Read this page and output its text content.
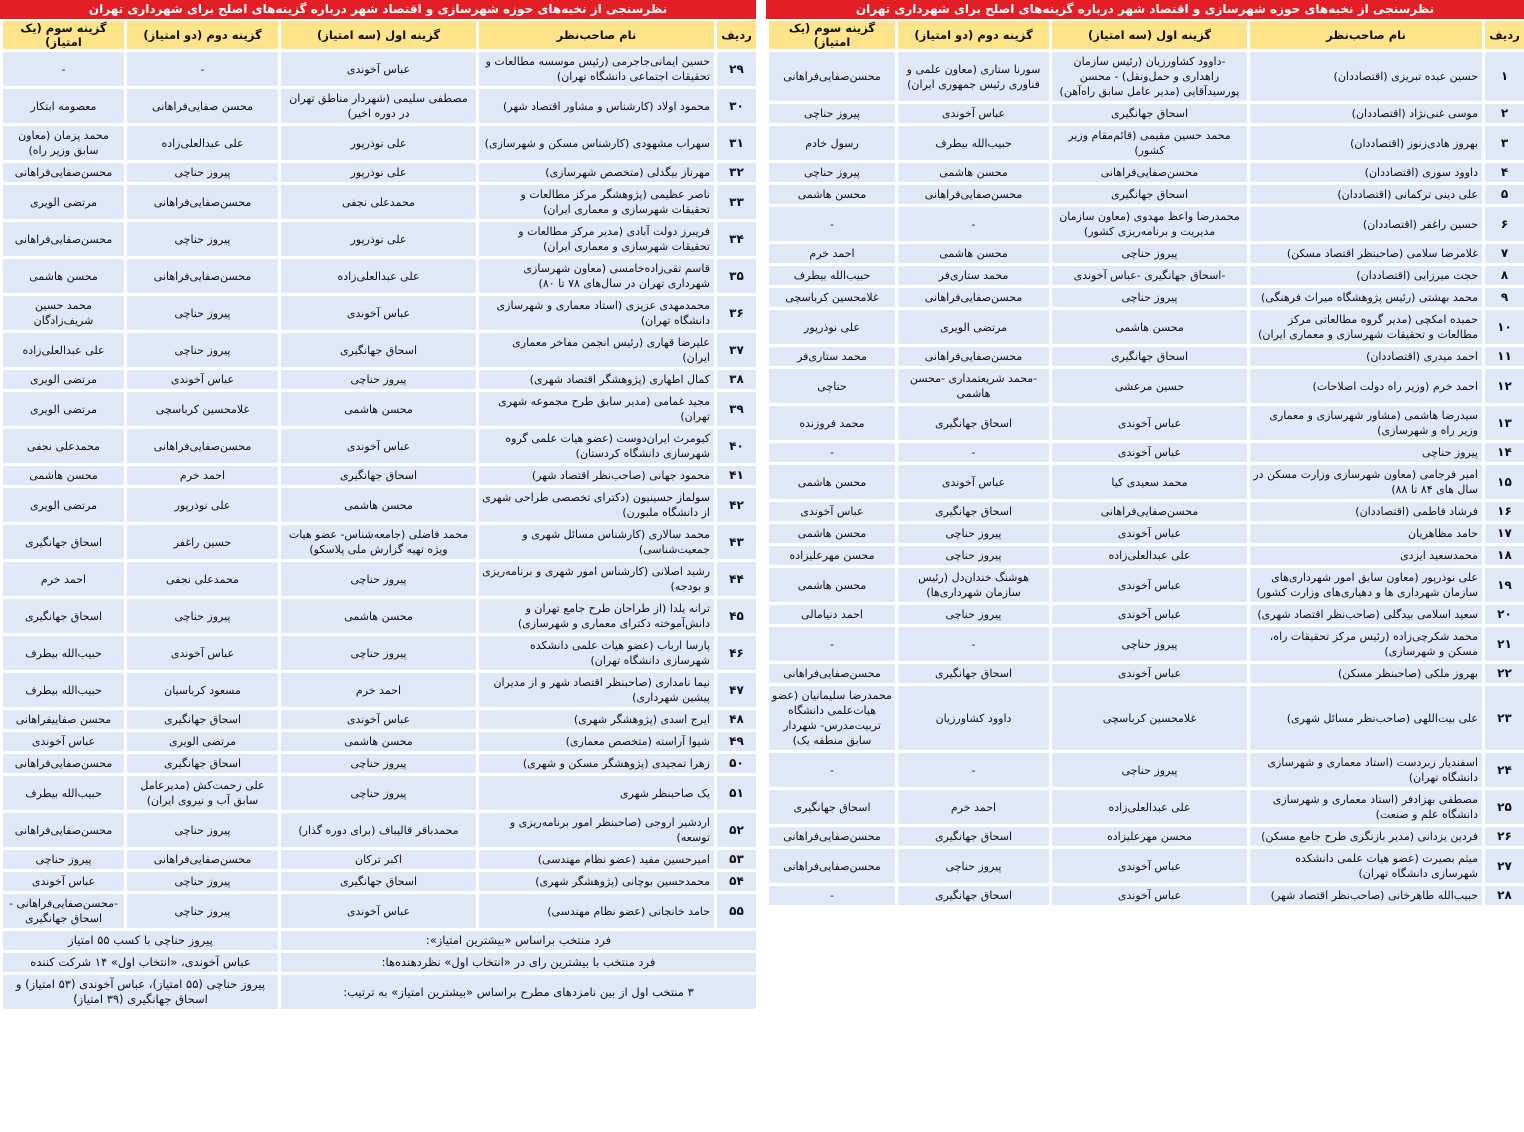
نظرسنجی از نخبه‌های حوزه شهرسازی و اقتصاد شهر درباره گزینه‌های اصلح برای شهرداری تهران
ردیف	نام صاحب‌نظر	گزینه اول (سه امتیاز)	گزینه دوم (دو امتیاز)	گزینه سوم (یک امتیاز)
۱	حسین عبده تبریزی (اقتصاددان)	-داوود کشاورزیان (رئیس سازمان راهداری و حمل‌ونقل) - محسن پورسیدآقایی (مدیر عامل سابق راه‌آهن)	سورنا ستاری (معاون علمی و فناوری رئیس جمهوری ایران)	محسن‌صفایی‌فراهانی
۲	موسی غنی‌نژاد (اقتصاددان)	اسحاق جهانگیری	عباس آخوندی	پیروز حناچی
۳	بهروز هادی‌زنوز (اقتصاددان)	محمد حسین مقیمی (قائم‌مقام وزیر کشور)	حبیب‌الله بیطرف	رسول خادم
۴	داوود سوری (اقتصاددان)	محسن‌صفایی‌فراهانی	محسن هاشمی	پیروز حناچی
۵	علی دینی ترکمانی (اقتصاددان)	اسحاق جهانگیری	محسن‌صفایی‌فراهانی	محسن هاشمی
۶	حسین راغفر (اقتصاددان)	محمدرضا واعظ مهدوی (معاون سازمان مدیریت و برنامه‌ریزی کشور)	-	-
۷	غلامرضا سلامی (صاحبنظر اقتصاد مسکن)	پیروز حناچی	محسن هاشمی	احمد خرم
۸	حجت میرزایی (اقتصاددان)	-اسحاق جهانگیری -عباس آخوندی	محمد ستاری‌فر	حبیب‌الله بیطرف
۹	محمد بهشتی (رئیس پژوهشگاه میراث فرهنگی)	پیروز حناچی	محسن‌صفایی‌فراهانی	غلامحسین کرباسچی
۱۰	حمیده امکچی (مدیر گروه مطالعاتی مرکز مطالعات و تحقیقات شهرسازی و معماری ایران)	محسن هاشمی	مرتضی الویری	علی نوذرپور
۱۱	احمد میدری (اقتصاددان)	اسحاق جهانگیری	محسن‌صفایی‌فراهانی	محمد ستاری‌فر
۱۲	احمد خرم (وزیر راه دولت اصلاحات)	حسین مرعشی	-محمد شریعتمداری -محسن هاشمی	حناچی
۱۳	سیدرضا هاشمی (مشاور شهرسازی و معماری وزیر راه و شهرسازی)	عباس آخوندی	اسحاق جهانگیری	محمد فروزنده
۱۴	پیروز حناچی	عباس آخوندی	-	-
۱۵	امیر فرجامی (معاون شهرسازی وزارت مسکن در سال های ۸۴ تا ۸۸)	محمد سعیدی کیا	عباس آخوندی	محسن هاشمی
۱۶	فرشاد فاطمی (اقتصاددان)	محسن‌صفایی‌فراهانی	اسحاق جهانگیری	عباس آخوندی
۱۷	حامد مظاهریان	عباس آخوندی	پیروز حناچی	محسن هاشمی
۱۸	محمدسعید ایزدی	علی عبدالعلی‌زاده	پیروز حناچی	محسن مهرعلیزاده
۱۹	علی نوذرپور (معاون سابق امور شهرداری‌های سازمان شهرداری ها و دهیاری‌های وزارت کشور)	عباس آخوندی	هوشنگ خندان‌دل (رئیس سازمان شهرداری‌ها)	محسن هاشمی
۲۰	سعید اسلامی بیدگلی (صاحب‌نظر اقتصاد شهری)	عباس آخوندی	پیروز حناچی	احمد دنیامالی
۲۱	محمد شکرچی‌زاده (رئیس مرکز تحقیقات راه، مسکن و شهرسازی)	پیروز حناچی	-	-
۲۲	بهروز ملکی (صاحبنظر مسکن)	عباس آخوندی	اسحاق جهانگیری	محسن‌صفایی‌فراهانی
۲۳	علی بیت‌اللهی (صاحب‌نظر مسائل شهری)	غلامحسین کرباسچی	داوود کشاورزیان	محمدرضا سلیمانیان (عضو هیات‌علمی دانشگاه تربیت‌مدرس- شهردار سابق منطقه یک)
۲۴	اسفندیار زبردست (استاد معماری و شهرسازی دانشگاه تهران)	پیروز حناچی	-	-
۲۵	مصطفی بهزادفر (استاد معماری و شهرسازی دانشگاه علم و صنعت)	علی عبدالعلی‌زاده	احمد خرم	اسحاق جهانگیری
۲۶	فردین یزدانی (مدیر بازنگری طرح جامع مسکن)	محسن مهرعلیزاده	اسحاق جهانگیری	محسن‌صفایی‌فراهانی
۲۷	میثم بصیرت (عضو هیات علمی دانشکده شهرسازی دانشگاه تهران)	عباس آخوندی	پیروز حناچی	محسن‌صفایی‌فراهانی
۲۸	حبیب‌الله طاهرخانی (صاحب‌نظر اقتصاد شهر)	عباس آخوندی	اسحاق جهانگیری	-
نظرسنجی از نخبه‌های حوزه شهرسازی و اقتصاد شهر درباره گزینه‌های اصلح برای شهرداری تهران
ردیف	نام صاحب‌نظر	گزینه اول (سه امتیاز)	گزینه دوم (دو امتیاز)	گزینه سوم (یک امتیاز)
۲۹	حسین ایمانی‌جاجرمی (رئیس موسسه مطالعات و تحقیقات اجتماعی دانشگاه تهران)	عباس آخوندی	-	-
۳۰	محمود اولاد (کارشناس و مشاور اقتصاد شهر)	مصطفی سلیمی (شهردار مناطق تهران در دوره اخیر)	محسن صفایی‌فراهانی	معصومه ابتکار
۳۱	سهراب مشهودی (کارشناس مسکن و شهرسازی)	علی نوذرپور	علی عبدالعلی‌زاده	محمد پزمان (معاون سابق وزیر راه)
۳۲	مهرناز بیگدلی (متخصص شهرسازی)	علی نوذرپور	پیروز حناچی	محسن‌صفایی‌فراهانی
۳۳	ناصر عظیمی (پژوهشگر مرکز مطالعات و تحقیقات شهرسازی و معماری ایران)	محمدعلی نجفی	محسن‌صفایی‌فراهانی	مرتضی الویری
۳۴	فریبرز دولت آبادی (مدیر مرکز مطالعات و تحقیقات شهرسازی و معماری ایران)	علی نوذرپور	پیروز حناچی	محسن‌صفایی‌فراهانی
۳۵	قاسم تقی‌زاده‌خامسی (معاون شهرسازی شهرداری تهران در سال‌های ۷۸ تا ۸۰)	علی عبدالعلی‌زاده	محسن‌صفایی‌فراهانی	محسن هاشمی
۳۶	محمدمهدی عزیزی (استاد معماری و شهرسازی دانشگاه تهران)	عباس آخوندی	پیروز حناچی	محمد حسین شریف‌زادگان
۳۷	علیرضا قهاری (رئیس انجمن مفاخر معماری ایران)	اسحاق جهانگیری	پیروز حناچی	علی عبدالعلی‌زاده
۳۸	کمال اطهاری (پژوهشگر اقتصاد شهری)	پیروز حناچی	عباس آخوندی	مرتضی الویری
۳۹	مجید غمامی (مدیر سابق طرح مجموعه شهری تهران)	محسن هاشمی	غلامحسین کرباسچی	مرتضی الویری
۴۰	کیومرث ایران‌دوست (عضو هیات علمی گروه شهرسازی دانشگاه کردستان)	عباس آخوندی	محسن‌صفایی‌فراهانی	محمدعلی نجفی
۴۱	محمود جهانی (صاحب‌نظر اقتصاد شهر)	اسحاق جهانگیری	احمد خرم	محسن هاشمی
۴۲	سولماز حسینیون (دکترای تخصصی طراحی شهری از دانشگاه ملبورن)	محسن هاشمی	علی نوذرپور	مرتضی الویری
۴۳	محمد سالاری (کارشناس مسائل شهری و جمعیت‌شناسی)	محمد فاضلی (جامعه‌شناس- عضو هیات ویژه تهیه گزارش ملی پلاسکو)	حسین راغفر	اسحاق جهانگیری
۴۴	رشید اصلانی (کارشناس امور شهری و برنامه‌ریزی و بودجه)	پیروز حناچی	محمدعلی نجفی	احمد خرم
۴۵	ترانه یلدا (از طراحان طرح جامع تهران و دانش‌آموخته دکترای معماری و شهرسازی)	محسن هاشمی	پیروز حناچی	اسحاق جهانگیری
۴۶	پارسا ارباب (عضو هیات علمی دانشکده شهرسازی دانشگاه تهران)	پیروز حناچی	عباس آخوندی	حبیب‌الله بیطرف
۴۷	نیما نامداری (صاحبنظر اقتصاد شهر و از مدیران پیشین شهرداری)	احمد خرم	مسعود کرباسیان	حبیب‌الله بیطرف
۴۸	ایرج اسدی (پژوهشگر شهری)	عباس آخوندی	اسحاق جهانگیری	محسن صفاییفراهانی
۴۹	شیوا آراسته (متخصص معماری)	محسن هاشمی	مرتضی الویری	عباس آخوندی
۵۰	زهرا تمجیدی (پژوهشگر مسکن و شهری)	پیروز حناچی	اسحاق جهانگیری	محسن‌صفایی‌فراهانی
۵۱	یک صاحبنظر شهری	پیروز حناچی	علی زحمت‌کش (مدیرعامل سابق آب و نیروی ایران)	حبیب‌الله بیطرف
۵۲	اردشیر اروجی (صاحبنظر امور برنامه‌ریزی و توسعه)	محمدباقر قالیباف (برای دوره گذار)	پیروز حناچی	محسن‌صفایی‌فراهانی
۵۳	امیرحسین مفید (عضو نظام مهندسی)	اکبر ترکان	محسن‌صفایی‌فراهانی	پیروز حناچی
۵۴	محمدحسین بوچانی (پژوهشگر شهری)	اسحاق جهانگیری	پیروز حناچی	عباس آخوندی
۵۵	حامد خانجانی (عضو نظام مهندسی)	عباس آخوندی	پیروز حناچی	-محسن‌صفایی‌فراهانی - اسحاق جهانگیری
فرد منتخب براساس «بیشترین امتیاز»:			پیروز حناچی با کسب ۵۵ امتیاز	
فرد منتخب با بیشترین رای در «انتخاب اول» نظردهنده‌ها:			عباس آخوندی، «انتخاب اول» ۱۴ شرکت کننده	
۳ منتخب اول از بین نامزدهای مطرح براساس «بیشترین امتیاز» به ترتیب:			پیروز حناچی (۵۵ امتیاز)، عباس آخوندی (۵۳ امتیاز) و اسحاق جهانگیری (۳۹ امتیاز)	
